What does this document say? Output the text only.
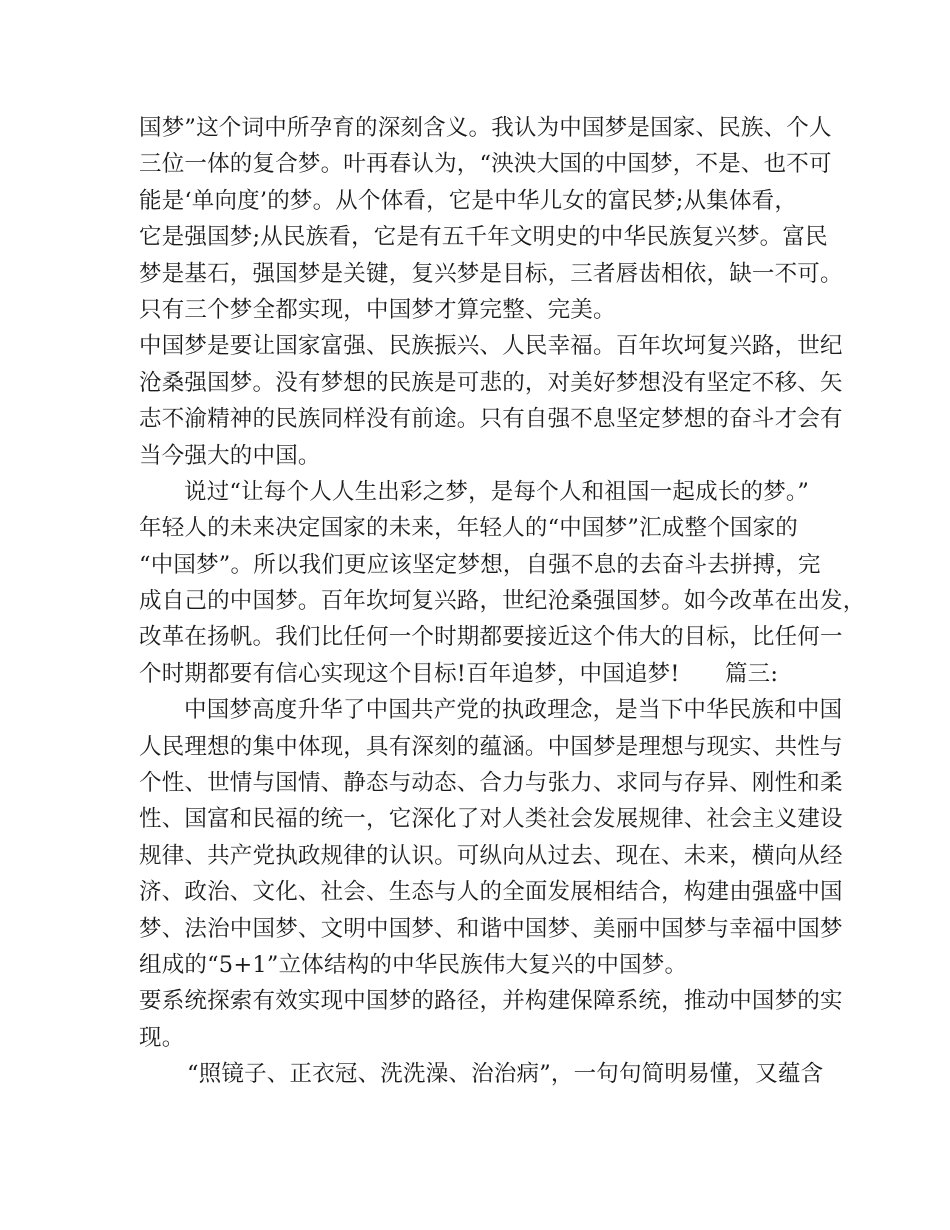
国梦”这个词中所孕育的深刻含义。我认为中国梦是国家、民族、个人
三位一体的复合梦。叶再春认为，“泱泱大国的中国梦，不是、也不可
能是‘单向度’的梦。从个体看，它是中华儿女的富民梦;从集体看，
它是强国梦;从民族看，它是有五千年文明史的中华民族复兴梦。富民
梦是基石，强国梦是关键，复兴梦是目标，三者唇齿相依，缺一不可。
只有三个梦全都实现，中国梦才算完整、完美。
中国梦是要让国家富强、民族振兴、人民幸福。百年坎坷复兴路，世纪
沧桑强国梦。没有梦想的民族是可悲的，对美好梦想没有坚定不移、矢
志不渝精神的民族同样没有前途。只有自强不息坚定梦想的奋斗才会有
当今强大的中国。
说过“让每个人人生出彩之梦，是每个人和祖国一起成长的梦。”
年轻人的未来决定国家的未来，年轻人的“中国梦”汇成整个国家的
“中国梦”。所以我们更应该坚定梦想，自强不息的去奋斗去拼搏，完
成自己的中国梦。百年坎坷复兴路，世纪沧桑强国梦。如今改革在出发，
改革在扬帆。我们比任何一个时期都要接近这个伟大的目标，比任何一
个时期都要有信心实现这个目标!百年追梦，中国追梦!　　篇三:
中国梦高度升华了中国共产党的执政理念，是当下中华民族和中国
人民理想的集中体现，具有深刻的蕴涵。中国梦是理想与现实、共性与
个性、世情与国情、静态与动态、合力与张力、求同与存异、刚性和柔
性、国富和民福的统一，它深化了对人类社会发展规律、社会主义建设
规律、共产党执政规律的认识。可纵向从过去、现在、未来，横向从经
济、政治、文化、社会、生态与人的全面发展相结合，构建由强盛中国
梦、法治中国梦、文明中国梦、和谐中国梦、美丽中国梦与幸福中国梦
组成的“5+1”立体结构的中华民族伟大复兴的中国梦。
要系统探索有效实现中国梦的路径，并构建保障系统，推动中国梦的实
现。
“照镜子、正衣冠、洗洗澡、治治病”，一句句简明易懂，又蕴含
